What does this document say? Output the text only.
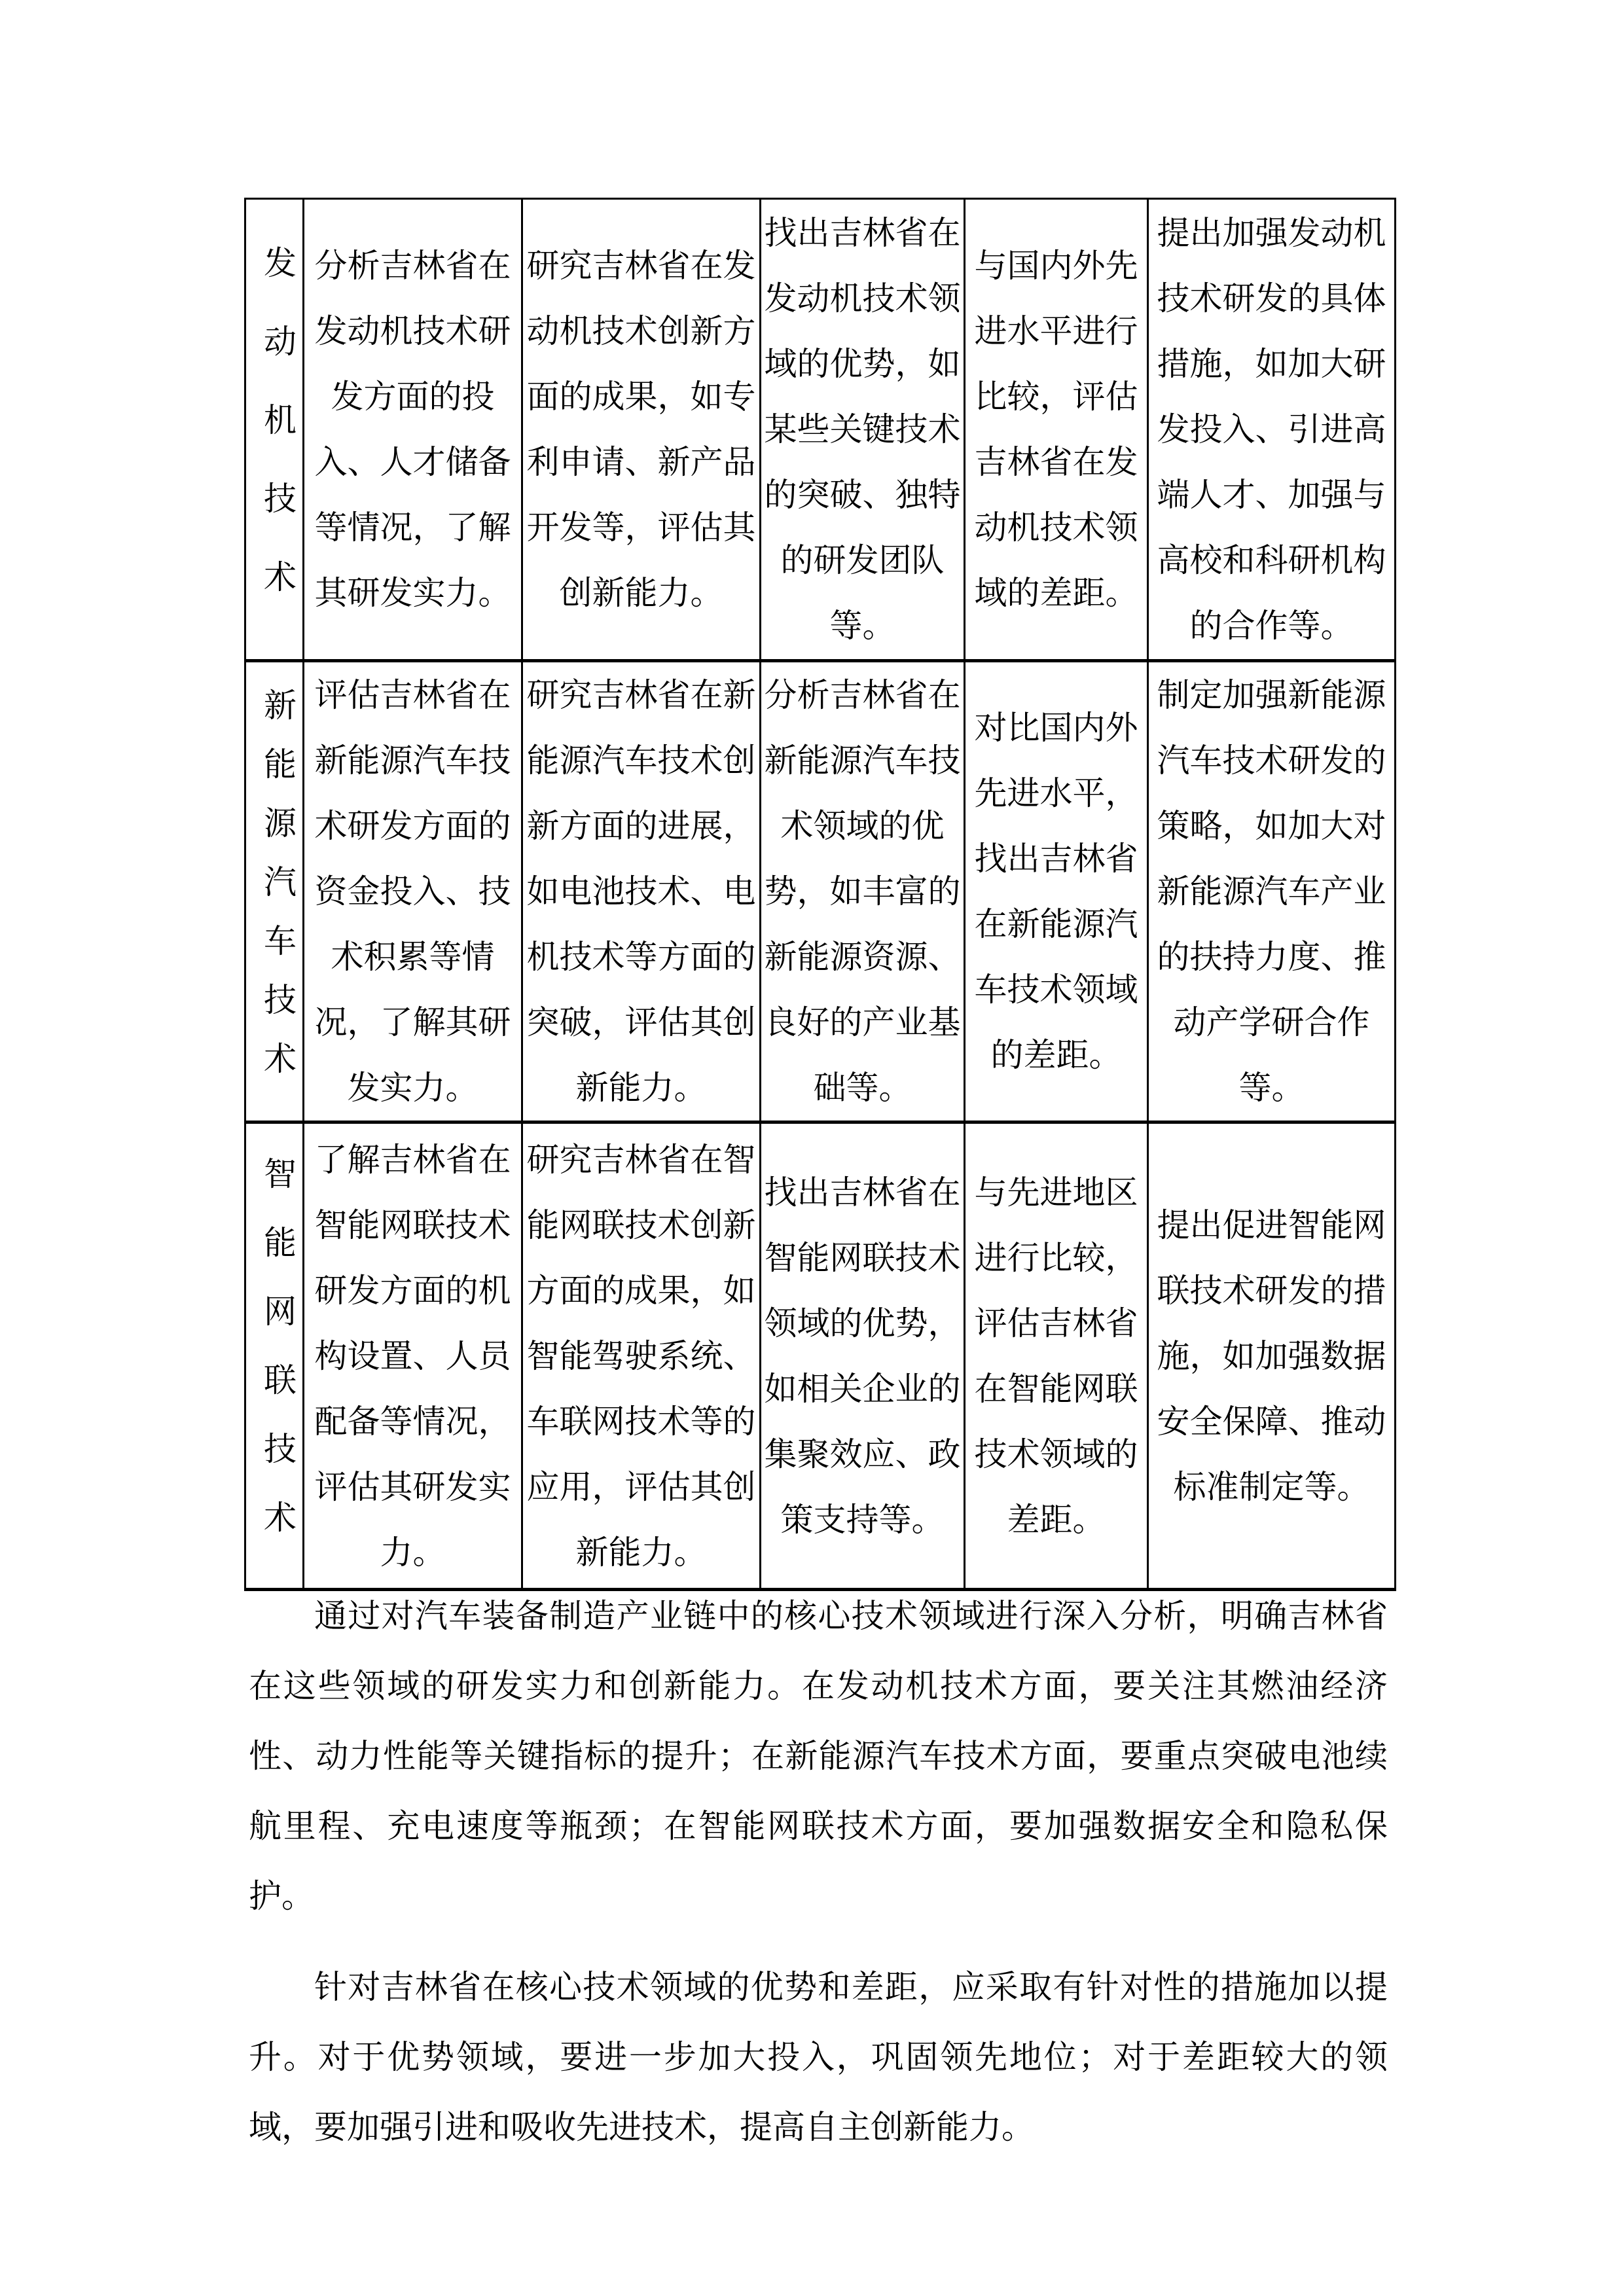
发动机技术	分析吉林省在发动机技术研发方面的投入、人才储备等情况，了解其研发实力。	研究吉林省在发动机技术创新方面的成果，如专利申请、新产品开发等，评估其创新能力。	找出吉林省在发动机技术领域的优势，如某些关键技术的突破、独特的研发团队等。	与国内外先进水平进行比较，评估吉林省在发动机技术领域的差距。	提出加强发动机技术研发的具体措施，如加大研发投入、引进高端人才、加强与高校和科研机构的合作等。
新能源汽车技术	评估吉林省在新能源汽车技术研发方面的资金投入、技术积累等情况，了解其研发实力。	研究吉林省在新能源汽车技术创新方面的进展，如电池技术、电机技术等方面的突破，评估其创新能力。	分析吉林省在新能源汽车技术领域的优势，如丰富的新能源资源、良好的产业基础等。	对比国内外先进水平，找出吉林省在新能源汽车技术领域的差距。	制定加强新能源汽车技术研发的策略，如加大对新能源汽车产业的扶持力度、推动产学研合作等。
智能网联技术	了解吉林省在智能网联技术研发方面的机构设置、人员配备等情况，评估其研发实力。	研究吉林省在智能网联技术创新方面的成果，如智能驾驶系统、车联网技术等的应用，评估其创新能力。	找出吉林省在智能网联技术领域的优势，如相关企业的集聚效应、政策支持等。	与先进地区进行比较，评估吉林省在智能网联技术领域的差距。	提出促进智能网联技术研发的措施，如加强数据安全保障、推动标准制定等。

通过对汽车装备制造产业链中的核心技术领域进行深入分析，明确吉林省在这些领域的研发实力和创新能力。在发动机技术方面，要关注其燃油经济性、动力性能等关键指标的提升；在新能源汽车技术方面，要重点突破电池续航里程、充电速度等瓶颈；在智能网联技术方面，要加强数据安全和隐私保护。

针对吉林省在核心技术领域的优势和差距，应采取有针对性的措施加以提升。对于优势领域，要进一步加大投入，巩固领先地位；对于差距较大的领域，要加强引进和吸收先进技术，提高自主创新能力。
